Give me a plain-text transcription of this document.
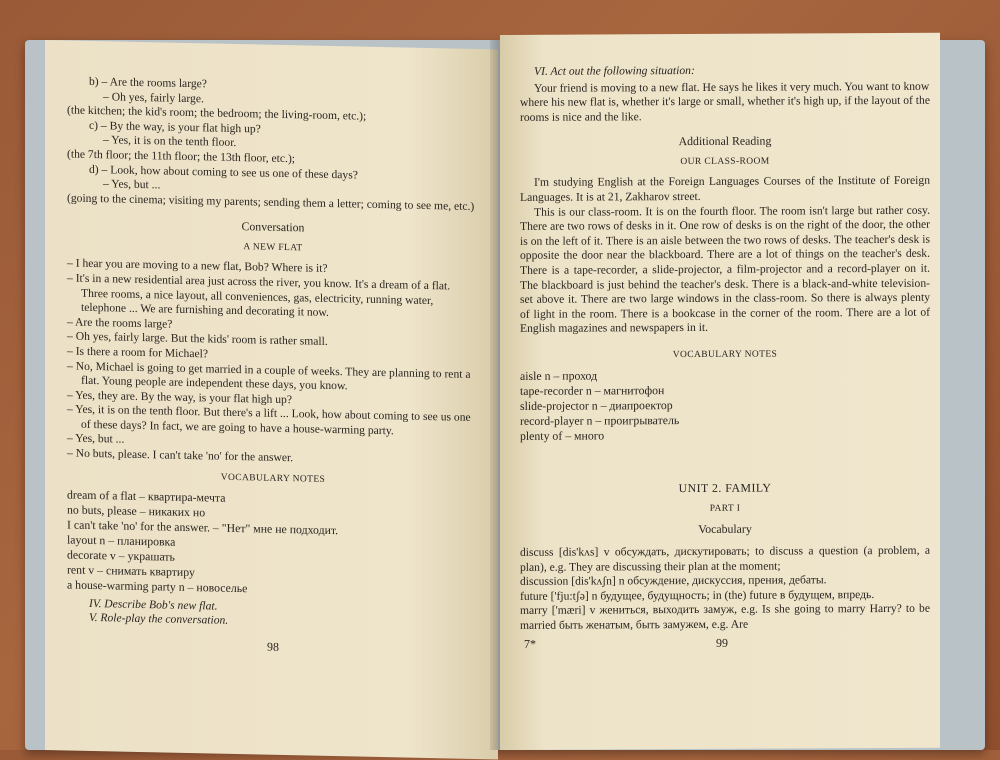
b) – Are the rooms large?

– Oh yes, fairly large.

(the kitchen; the kid's room; the bedroom; the living-room, etc.);

c) – By the way, is your flat high up?

– Yes, it is on the tenth floor.

(the 7th floor; the 11th floor; the 13th floor, etc.);

d) – Look, how about coming to see us one of these days?

– Yes, but ...

(going to the cinema; visiting my parents; sending them a letter; coming to see me, etc.)

Conversation

A NEW FLAT

– I hear you are moving to a new flat, Bob? Where is it?

– It's in a new residential area just across the river, you know. It's a dream of a flat. Three rooms, a nice layout, all conveniences, gas, electricity, running water, telephone ... We are furnishing and decorating it now.

– Are the rooms large?

– Oh yes, fairly large. But the kids' room is rather small.

– Is there a room for Michael?

– No, Michael is going to get married in a couple of weeks. They are planning to rent a flat. Young people are independent these days, you know.

– Yes, they are. By the way, is your flat high up?

– Yes, it is on the tenth floor. But there's a lift ... Look, how about coming to see us one of these days? In fact, we are going to have a house-warming party.

– Yes, but ...

– No buts, please. I can't take 'no' for the answer.

VOCABULARY NOTES

dream of a flat – квартира-мечта

no buts, please – никаких но

I can't take 'no' for the answer. – "Нет" мне не подходит.

layout n – планировка

decorate v – украшать

rent v – снимать квартиру

a house-warming party n – новоселье

IV. Describe Bob's new flat.

V. Role-play the conversation.

98

VI. Act out the following situation:

Your friend is moving to a new flat. He says he likes it very much. You want to know where his new flat is, whether it's large or small, whether it's high up, if the layout of the rooms is nice and the like.

Additional Reading

OUR CLASS-ROOM

I'm studying English at the Foreign Languages Courses of the Institute of Foreign Languages. It is at 21, Zakharov street.

This is our class-room. It is on the fourth floor. The room isn't large but rather cosy. There are two rows of desks in it. One row of desks is on the right of the door, the other is on the left of it. There is an aisle between the two rows of desks. The teacher's desk is opposite the door near the blackboard. There are a lot of things on the teacher's desk. There is a tape-recorder, a slide-projector, a film-projector and a record-player on it. The blackboard is just behind the teacher's desk. There is a black-and-white television-set above it. There are two large windows in the class-room. So there is always plenty of light in the room. There is a bookcase in the corner of the room. There are a lot of English magazines and newspapers in it.

VOCABULARY NOTES

aisle n – проход

tape-recorder n – магнитофон

slide-projector n – диапроектор

record-player n – проигрыватель

plenty of – много

UNIT 2. FAMILY

PART I

Vocabulary

discuss [dis'kʌs] v обсуждать, дискутировать; to discuss a question (a problem, a plan), e.g. They are discussing their plan at the moment;

discussion [dis'kʌʃn] n обсуждение, дискуссия, прения, дебаты.

future ['fju:tʃə] n будущее, будущность; in (the) future в будущем, впредь.

marry ['mæri] v жениться, выходить замуж, e.g. Is she going to marry Harry? to be married быть женатым, быть замужем, e.g. Are

7*	99
